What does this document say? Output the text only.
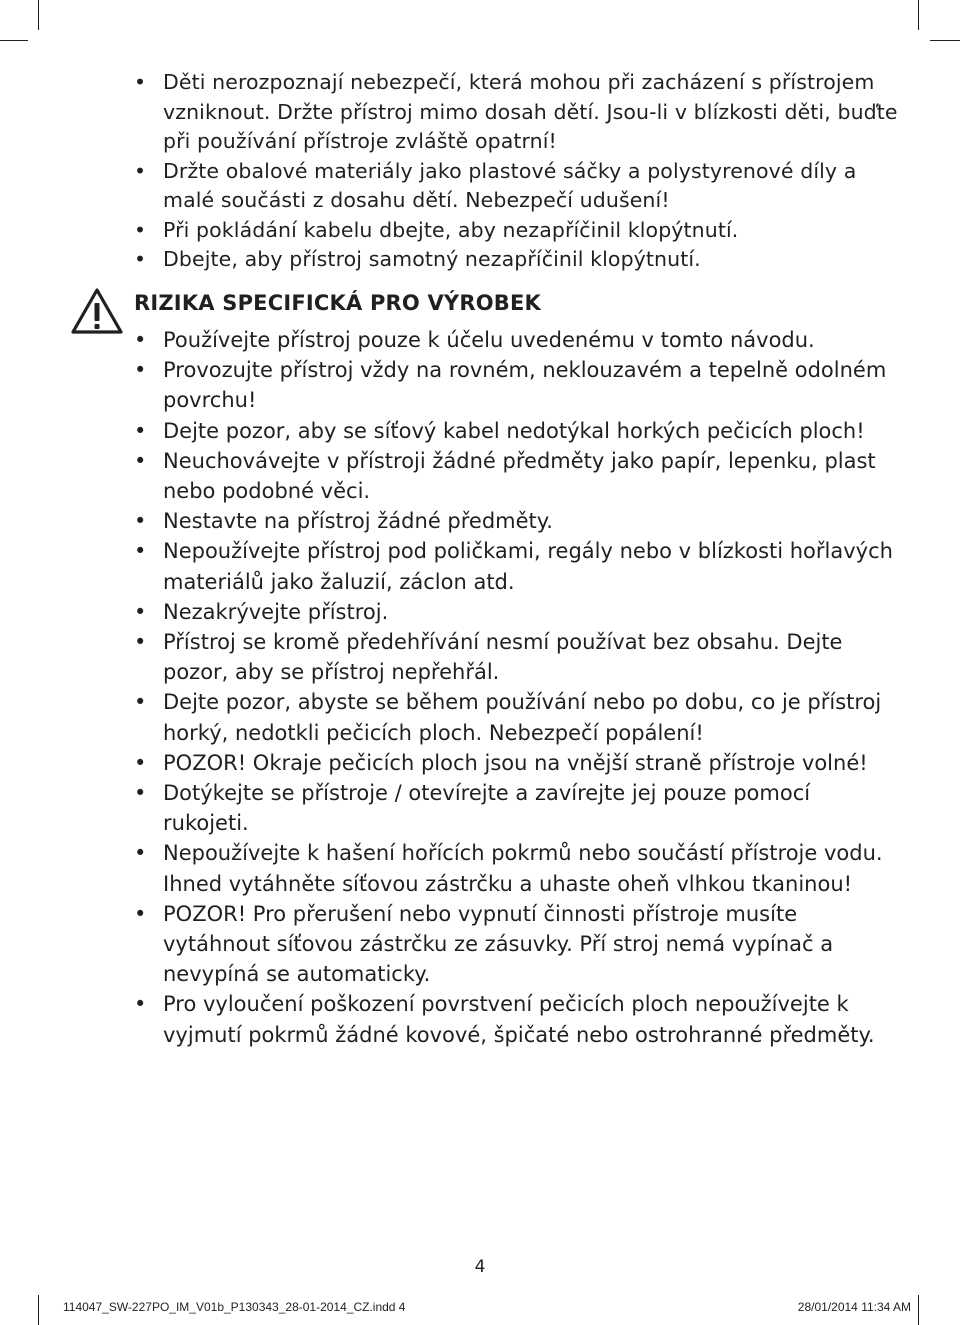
• Děti nerozpoznají nebezpečí, která mohou při zacházení s přístrojem vzniknout. Držte přístroj mimo dosah dětí. Jsou-li v blízkosti děti, buďte při používání přístroje zvláště opatrní!
• Držte obalové materiály jako plastové sáčky a polystyrenové díly a malé součásti z dosahu dětí. Nebezpečí udušení!
• Při pokládání kabelu dbejte, aby nezapříčinil klopýtnutí.
• Dbejte, aby přístroj samotný nezapříčinil klopýtnutí.
RIZIKA SPECIFICKÁ PRO VÝROBEK
• Používejte přístroj pouze k účelu uvedenému v tomto návodu.
• Provozujte přístroj vždy na rovném, neklouzavém a tepelně odolném povrchu!
• Dejte pozor, aby se síťový kabel nedotýkal horkých pečicích ploch!
• Neuchovávejte v přístroji žádné předměty jako papír, lepenku, plast nebo podobné věci.
• Nestavte na přístroj žádné předměty.
• Nepoužívejte přístroj pod poličkami, regály nebo v blízkosti hořlavých materiálů jako žaluzií, záclon atd.
• Nezakrývejte přístroj.
• Přístroj se kromě předehřívání nesmí používat bez obsahu. Dejte pozor, aby se přístroj nepřehřál.
• Dejte pozor, abyste se během používání nebo po dobu, co je přístroj horký, nedotkli pečicích ploch. Nebezpečí popálení!
• POZOR! Okraje pečicích ploch jsou na vnější straně přístroje volné!
• Dotýkejte se přístroje / otevírejte a zavírejte jej pouze pomocí rukojeti.
• Nepoužívejte k hašení hořících pokrmů nebo součástí přístroje vodu. Ihned vytáhněte síťovou zástrčku a uhaste oheň vlhkou tkaninou!
• POZOR! Pro přerušení nebo vypnutí činnosti přístroje musíte vytáhnout síťovou zástrčku ze zásuvky. Pří stroj nemá vypínač a nevypíná se automaticky.
• Pro vyloučení poškození povrstvení pečicích ploch nepoužívejte k vyjmutí pokrmů žádné kovové, špičaté nebo ostrohranné předměty.
4
114047_SW-227PO_IM_V01b_P130343_28-01-2014_CZ.indd 4	28/01/2014 11:34 AM
